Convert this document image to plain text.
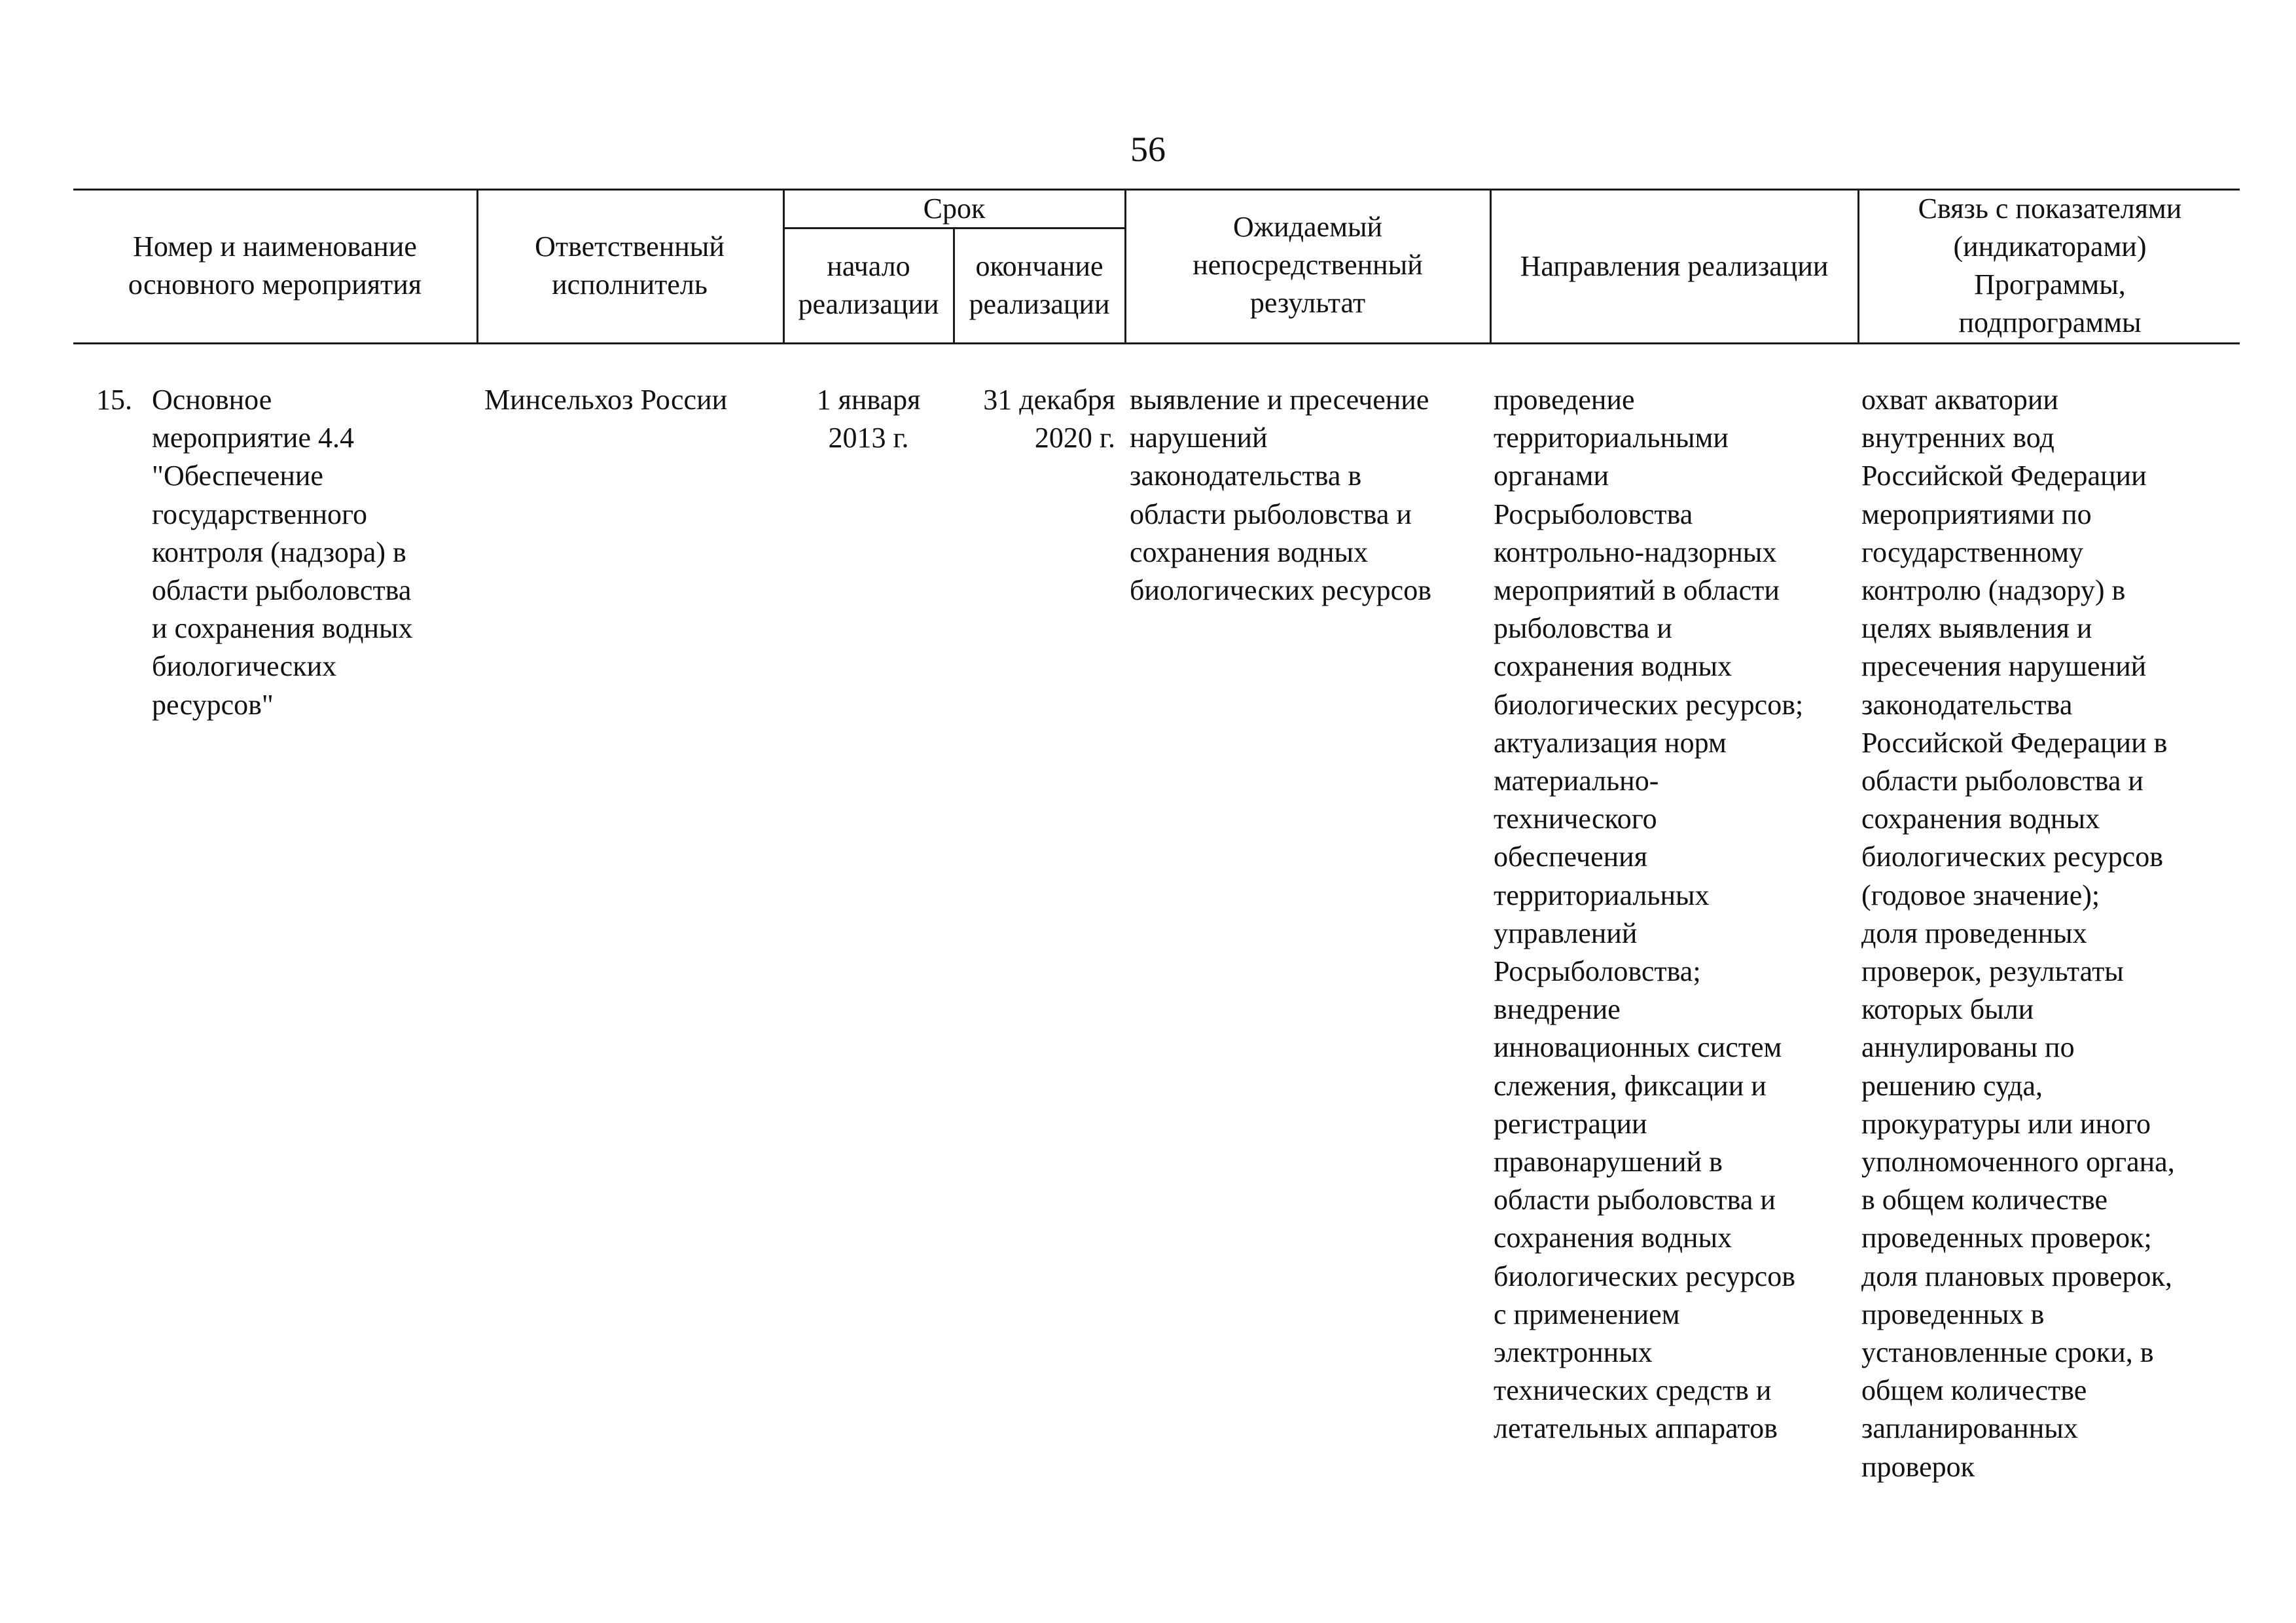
56
Номер и наименование
основного мероприятия
Ответственный
исполнитель
Срок
начало
реализации
окончание
реализации
Ожидаемый
непосредственный
результат
Направления реализации
Связь с показателями
(индикаторами)
Программы,
подпрограммы
15. Основное
мероприятие 4.4
"Обеспечение
государственного
контроля (надзора) в
области рыболовства
и сохранения водных
биологических
ресурсов"
Минсельхоз России	1 января
2013 г.
31 декабря
2020 г.
выявление и пресечение
нарушений
законодательства в
области рыболовства и
сохранения водных
биологических ресурсов
проведение
территориальными
органами
Росрыболовства
контрольно-надзорных
мероприятий в области
рыболовства и
сохранения водных
биологических ресурсов;
актуализация норм
материально-
технического
обеспечения
территориальных
управлений
Росрыболовства;
внедрение
инновационных систем
слежения, фиксации и
регистрации
правонарушений в
области рыболовства и
сохранения водных
биологических ресурсов
с применением
электронных
технических средств и
летательных аппаратов
охват акватории
внутренних вод
Российской Федерации
мероприятиями по
государственному
контролю (надзору) в
целях выявления и
пресечения нарушений
законодательства
Российской Федерации в
области рыболовства и
сохранения водных
биологических ресурсов
(годовое значение);
доля проведенных
проверок, результаты
которых были
аннулированы по
решению суда,
прокуратуры или иного
уполномоченного органа,
в общем количестве
проведенных проверок;
доля плановых проверок,
проведенных в
установленные сроки, в
общем количестве
запланированных
проверок
